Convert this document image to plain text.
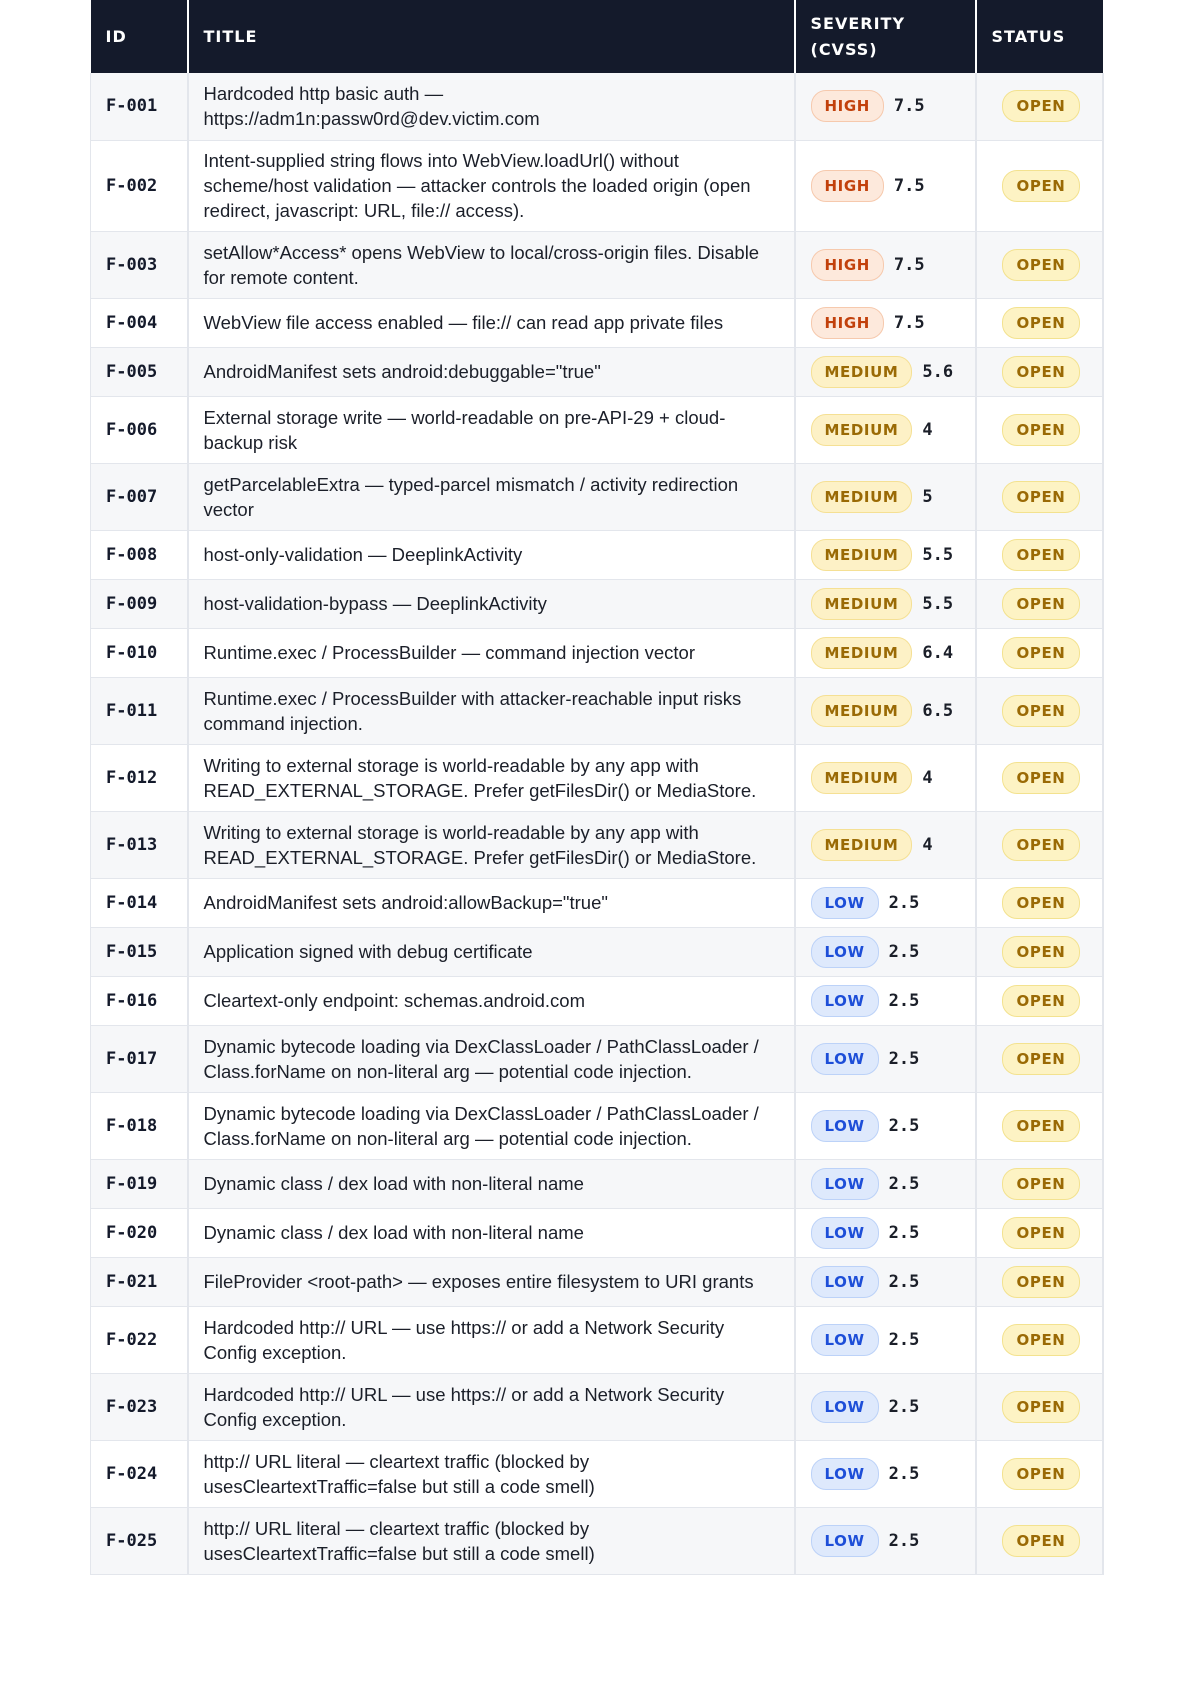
ID	TITLE	SEVERITY (CVSS)	STATUS
F-001	Hardcoded http basic auth — https://adm1n:passw0rd@dev.victim.com	HIGH 7.5	OPEN
F-002	Intent-supplied string flows into WebView.loadUrl() without scheme/host validation — attacker controls the loaded origin (open redirect, javascript: URL, file:// access).	HIGH 7.5	OPEN
F-003	setAllow*Access* opens WebView to local/cross-origin files. Disable for remote content.	HIGH 7.5	OPEN
F-004	WebView file access enabled — file:// can read app private files	HIGH 7.5	OPEN
F-005	AndroidManifest sets android:debuggable="true"	MEDIUM 5.6	OPEN
F-006	External storage write — world-readable on pre-API-29 + cloud-backup risk	MEDIUM 4	OPEN
F-007	getParcelableExtra — typed-parcel mismatch / activity redirection vector	MEDIUM 5	OPEN
F-008	host-only-validation — DeeplinkActivity	MEDIUM 5.5	OPEN
F-009	host-validation-bypass — DeeplinkActivity	MEDIUM 5.5	OPEN
F-010	Runtime.exec / ProcessBuilder — command injection vector	MEDIUM 6.4	OPEN
F-011	Runtime.exec / ProcessBuilder with attacker-reachable input risks command injection.	MEDIUM 6.5	OPEN
F-012	Writing to external storage is world-readable by any app with READ_EXTERNAL_STORAGE. Prefer getFilesDir() or MediaStore.	MEDIUM 4	OPEN
F-013	Writing to external storage is world-readable by any app with READ_EXTERNAL_STORAGE. Prefer getFilesDir() or MediaStore.	MEDIUM 4	OPEN
F-014	AndroidManifest sets android:allowBackup="true"	LOW 2.5	OPEN
F-015	Application signed with debug certificate	LOW 2.5	OPEN
F-016	Cleartext-only endpoint: schemas.android.com	LOW 2.5	OPEN
F-017	Dynamic bytecode loading via DexClassLoader / PathClassLoader / Class.forName on non-literal arg — potential code injection.	LOW 2.5	OPEN
F-018	Dynamic bytecode loading via DexClassLoader / PathClassLoader / Class.forName on non-literal arg — potential code injection.	LOW 2.5	OPEN
F-019	Dynamic class / dex load with non-literal name	LOW 2.5	OPEN
F-020	Dynamic class / dex load with non-literal name	LOW 2.5	OPEN
F-021	FileProvider <root-path> — exposes entire filesystem to URI grants	LOW 2.5	OPEN
F-022	Hardcoded http:// URL — use https:// or add a Network Security Config exception.	LOW 2.5	OPEN
F-023	Hardcoded http:// URL — use https:// or add a Network Security Config exception.	LOW 2.5	OPEN
F-024	http:// URL literal — cleartext traffic (blocked by usesCleartextTraffic=false but still a code smell)	LOW 2.5	OPEN
F-025	http:// URL literal — cleartext traffic (blocked by usesCleartextTraffic=false but still a code smell)	LOW 2.5	OPEN
